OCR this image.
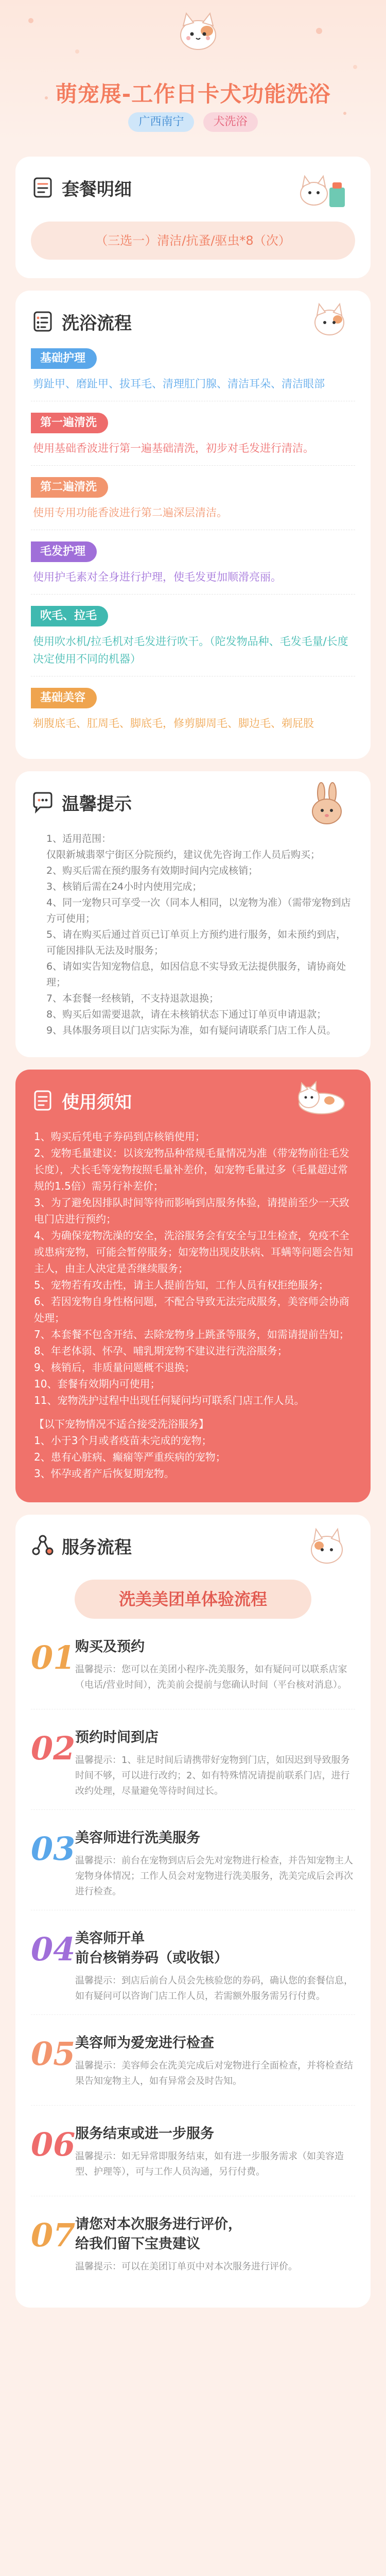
萌宠展-工作日卡犬功能洗浴
广西南宁	犬洗浴
套餐明细
（三选一）清洁/抗蚤/驱虫*8（次）
洗浴流程
基础护理
剪趾甲、磨趾甲、拔耳毛、清理肛门腺、清洁耳朵、清洁眼部
第一遍清洗
使用基础香波进行第一遍基础清洗，初步对毛发进行清洁。
第二遍清洗
使用专用功能香波进行第二遍深层清洁。
毛发护理
使用护毛素对全身进行护理，使毛发更加顺滑亮丽。
吹毛、拉毛
使用吹水机/拉毛机对毛发进行吹干。（陀发物品种、毛发毛量/长度决定使用不同的机器）
基础美容
剃腹底毛、肛周毛、脚底毛，修剪脚周毛、脚边毛、剃屁股
温馨提示
1、适用范围：
仅限新城翡翠宁街区分院预约，建议优先咨询工作人员后购买；
2、购买后需在预约服务有效期时间内完成核销；
3、核销后需在24小时内使用完成；
4、同一宠物只可享受一次（同本人相同，以宠物为准）（需带宠物到店方可使用；
5、请在购买后通过首页已订单页上方预约进行服务，如未预约到店，可能因排队无法及时服务；
6、请如实告知宠物信息，如因信息不实导致无法提供服务，请协商处理；
7、本套餐一经核销，不支持退款退换；
8、购买后如需要退款，请在未核销状态下通过订单页申请退款；
9、具体服务项目以门店实际为准，如有疑问请联系门店工作人员。
使用须知
1、购买后凭电子券码到店核销使用；
2、宠物毛量建议：以该宠物品种常规毛量情况为准（带宠物前往毛发长度），犬长毛等宠物按照毛量补差价，如宠物毛量过多（毛量超过常规的1.5倍）需另行补差价；
3、为了避免因排队时间等待而影响到店服务体验，请提前至少一天致电门店进行预约；
4、为确保宠物洗澡的安全，洗浴服务会有安全与卫生检查，免疫不全或患病宠物，可能会暂停服务；如宠物出现皮肤病、耳螨等问题会告知主人，由主人决定是否继续服务；
5、宠物若有攻击性，请主人提前告知，工作人员有权拒绝服务；
6、若因宠物自身性格问题，不配合导致无法完成服务，美容师会协商处理；
7、本套餐不包含开结、去除宠物身上跳蚤等服务，如需请提前告知；
8、年老体弱、怀孕、哺乳期宠物不建议进行洗浴服务；
9、核销后，非质量问题概不退换；
10、套餐有效期内可使用；
11、宠物洗护过程中出现任何疑问均可联系门店工作人员。
【以下宠物情况不适合接受洗浴服务】
1、小于3个月或者疫苗未完成的宠物；
2、患有心脏病、癫痫等严重疾病的宠物；
3、怀孕或者产后恢复期宠物。
服务流程
洗美美团单体验流程
01 购买及预约
温馨提示：您可以在美团小程序-洗美服务，如有疑问可以联系店家（电话/营业时间），洗美前会提前与您确认时间（平台核对消息）。
02 预约时间到店
温馨提示：1、驻足时间后请携带好宠物到门店，如因迟到导致服务时间不够，可以进行改约；2、如有特殊情况请提前联系门店，进行改约处理，尽量避免等待时间过长。
03 美容师进行洗美服务
温馨提示：前台在宠物到店后会先对宠物进行检查，并告知宠物主人宠物身体情况；工作人员会对宠物进行洗美服务，洗美完成后会再次进行检查。
04 美容师开单
前台核销券码（或收银）
温馨提示：到店后前台人员会先核验您的券码，确认您的套餐信息，如有疑问可以咨询门店工作人员，若需额外服务需另行付费。
05 美容师为爱宠进行检查
温馨提示：美容师会在洗美完成后对宠物进行全面检查，并将检查结果告知宠物主人，如有异常会及时告知。
06 服务结束或进一步服务
温馨提示：如无异常即服务结束，如有进一步服务需求（如美容造型、护理等），可与工作人员沟通，另行付费。
07 请您对本次服务进行评价，
给我们留下宝贵建议
温馨提示：可以在美团订单页中对本次服务进行评价。
